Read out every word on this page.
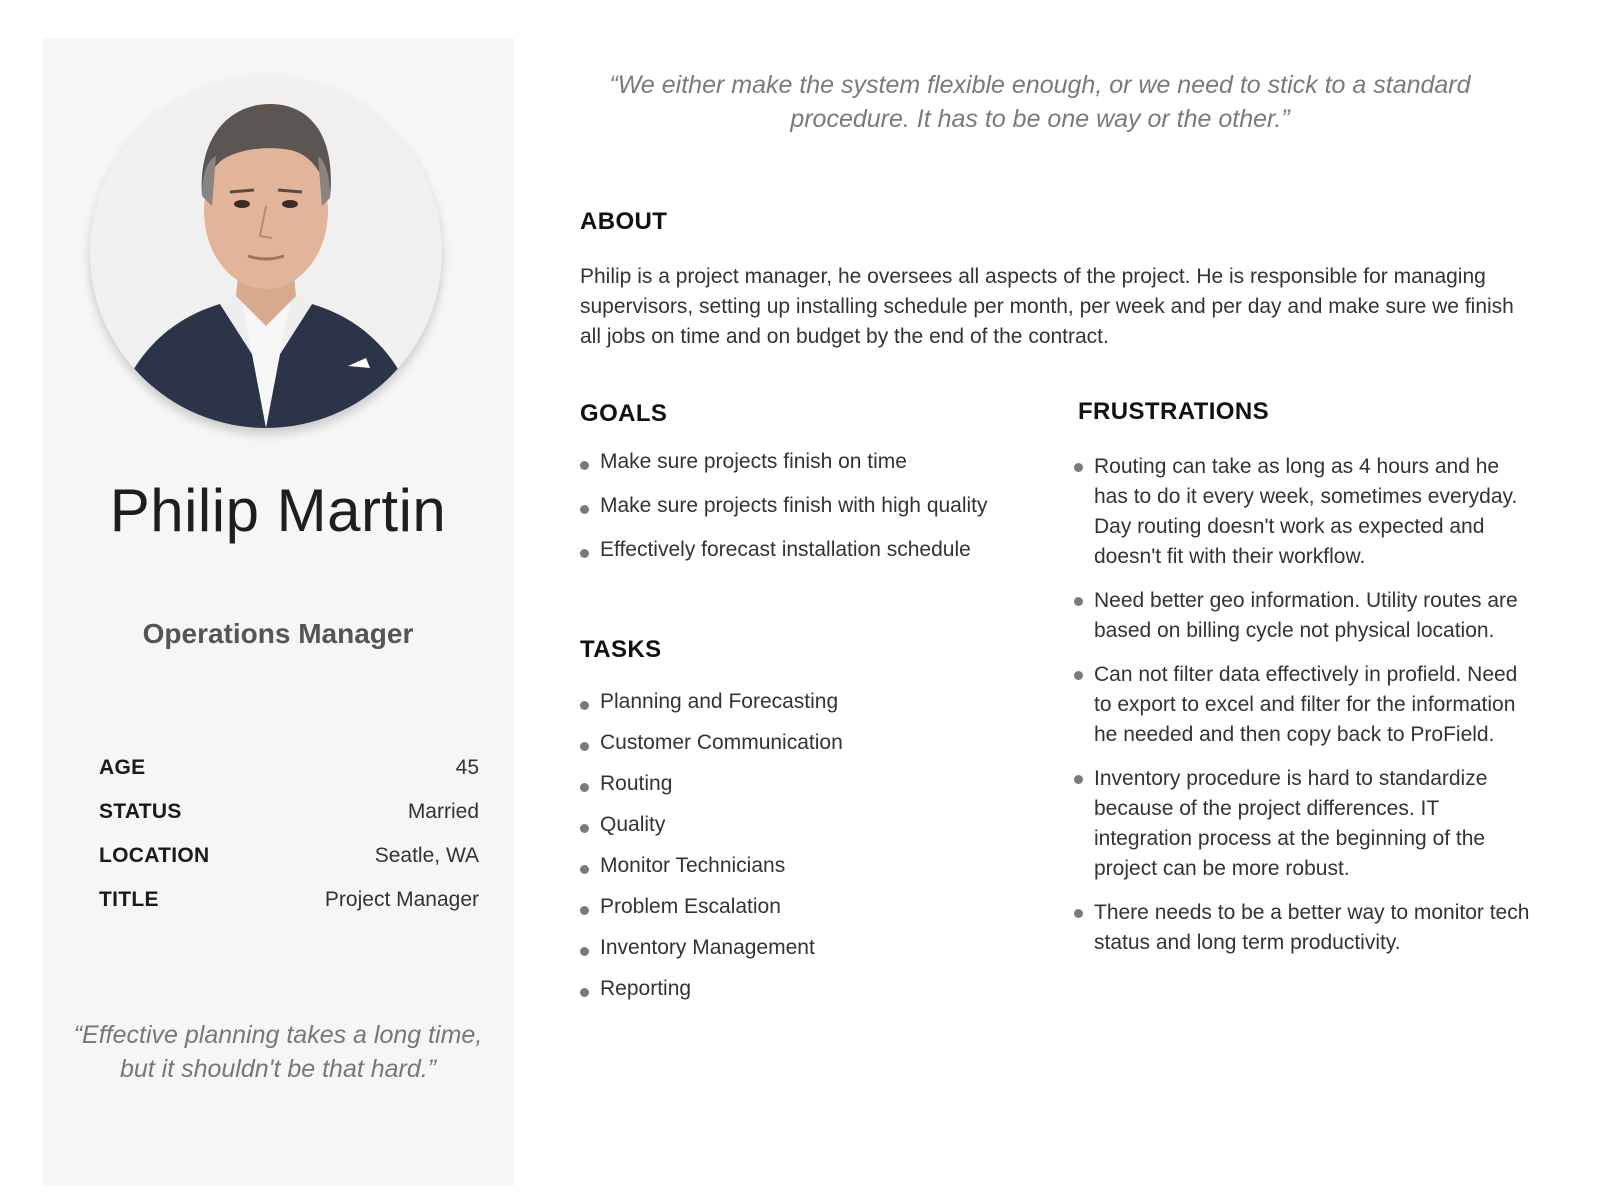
Philip Martin
Operations Manager
AGE	45
STATUS	Married
LOCATION	Seatle, WA
TITLE	Project Manager
“Effective planning takes a long time, but it shouldn't be that hard.”
“We either make the system flexible enough, or we need to stick to a standard procedure. It has to be one way or the other.”
ABOUT

Philip is a project manager, he oversees all aspects of the project. He is responsible for managing supervisors, setting up installing schedule per month, per week and per day and make sure we finish all jobs on time and on budget by the end of the contract.

GOALS
Make sure projects finish on time
Make sure projects finish with high quality
Effectively forecast installation schedule
TASKS
Planning and Forecasting
Customer Communication
Routing
Quality
Monitor Technicians
Problem Escalation
Inventory Management
Reporting
FRUSTRATIONS
Routing can take as long as 4 hours and he has to do it every week, sometimes everyday. Day routing doesn't work as expected and doesn't fit with their workflow.
Need better geo information. Utility routes are based on billing cycle not physical location.
Can not filter data effectively in profield. Need to export to excel and filter for the information he needed and then copy back to ProField.
Inventory procedure is hard to standardize because of the project differences. IT integration process at the beginning of the project can be more robust.
There needs to be a better way to monitor tech status and long term productivity.
